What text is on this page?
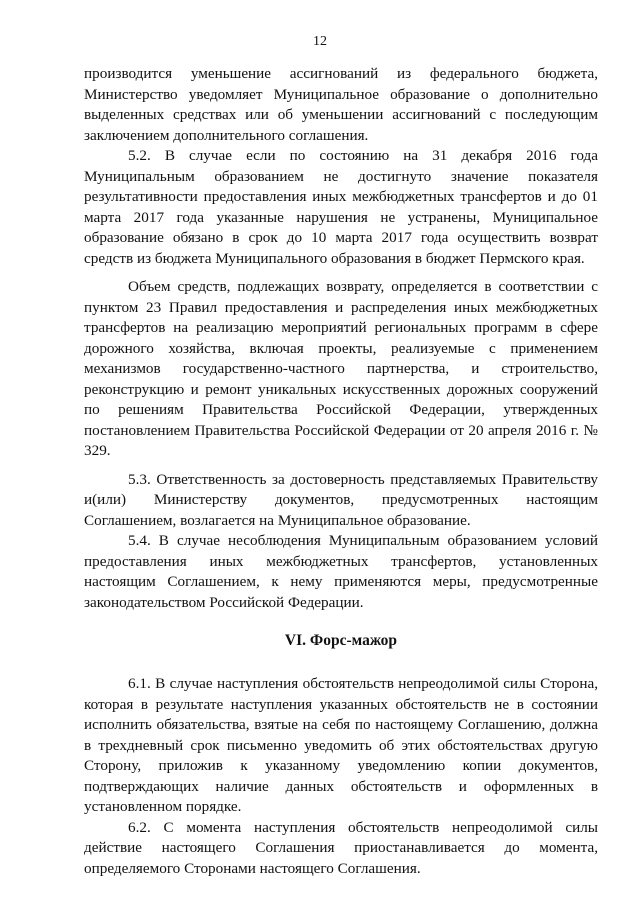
12

производится уменьшение ассигнований из федерального бюджета, Министерство уведомляет Муниципальное образование о дополнительно выделенных средствах или об уменьшении ассигнований с последующим заключением дополнительного соглашения.

5.2. В случае если по состоянию на 31 декабря 2016 года Муниципальным образованием не достигнуто значение показателя результативности предоставления иных межбюджетных трансфертов и до 01 марта 2017 года указанные нарушения не устранены, Муниципальное образование обязано в срок до 10 марта 2017 года осуществить возврат средств из бюджета Муниципального образования в бюджет Пермского края.

Объем средств, подлежащих возврату, определяется в соответствии с пунктом 23 Правил предоставления и распределения иных межбюджетных трансфертов на реализацию мероприятий региональных программ в сфере дорожного хозяйства, включая проекты, реализуемые с применением механизмов государственно-частного партнерства, и строительство, реконструкцию и ремонт уникальных искусственных дорожных сооружений по решениям Правительства Российской Федерации, утвержденных постановлением Правительства Российской Федерации от 20 апреля 2016 г. № 329.

5.3. Ответственность за достоверность представляемых Правительству и(или) Министерству документов, предусмотренных настоящим Соглашением, возлагается на Муниципальное образование.

5.4. В случае несоблюдения Муниципальным образованием условий предоставления иных межбюджетных трансфертов, установленных настоящим Соглашением, к нему применяются меры, предусмотренные законодательством Российской Федерации.

VI. Форс-мажор

6.1. В случае наступления обстоятельств непреодолимой силы Сторона, которая в результате наступления указанных обстоятельств не в состоянии исполнить обязательства, взятые на себя по настоящему Соглашению, должна в трехдневный срок письменно уведомить об этих обстоятельствах другую Сторону, приложив к указанному уведомлению копии документов, подтверждающих наличие данных обстоятельств и оформленных в установленном порядке.

6.2. С момента наступления обстоятельств непреодолимой силы действие настоящего Соглашения приостанавливается до момента, определяемого Сторонами настоящего Соглашения.
